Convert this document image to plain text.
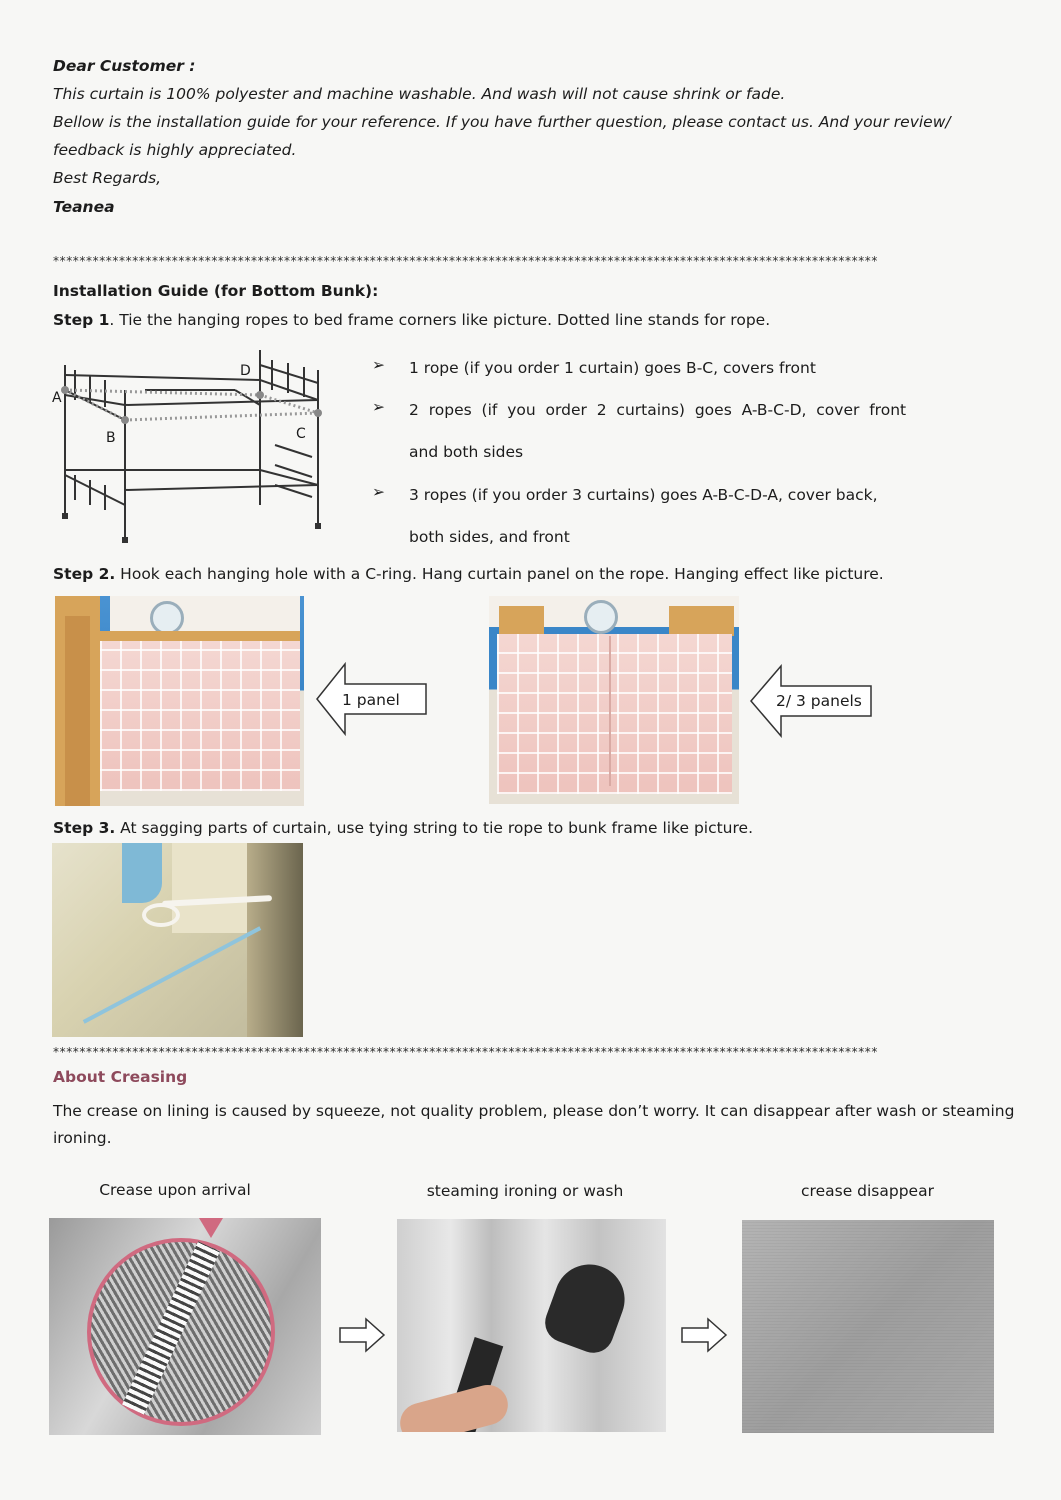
Dear Customer :
This curtain is 100% polyester and machine washable. And wash will not cause shrink or fade.
Bellow is the installation guide for your reference. If you have further question, please contact us. And your review/
feedback is highly appreciated.
Best Regards,
Teanea
*****************************************************************************************************************************
Installation Guide (for Bottom Bunk):
Step 1. Tie the hanging ropes to bed frame corners like picture. Dotted line stands for rope.
A
B	C
D	➢ 1 rope (if you order 1 curtain) goes B-C, covers front
➢ 2  ropes  (if  you  order  2  curtains)  goes  A-B-C-D,  cover  front
and both sides
➢ 3 ropes (if you order 3 curtains) goes A-B-C-D-A, cover back,
both sides, and front
Step 2. Hook each hanging hole with a C-ring. Hang curtain panel on the rope. Hanging effect like picture.
1 panel	2/ 3 panels
Step 3. At sagging parts of curtain, use tying string to tie rope to bunk frame like picture.
*****************************************************************************************************************************
About Creasing
The crease on lining is caused by squeeze, not quality problem, please don’t worry. It can disappear after wash or steaming
ironing.
Crease upon arrival	steaming ironing or wash	crease disappear
